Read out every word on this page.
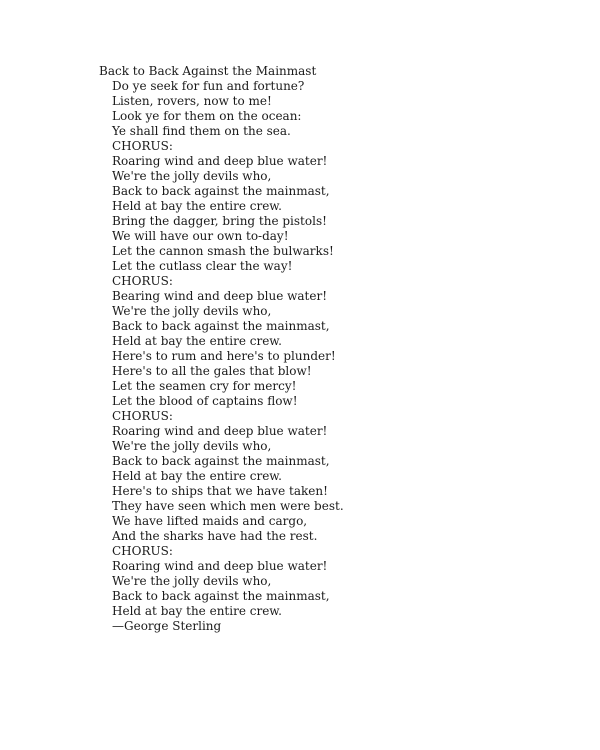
Back to Back Against the Mainmast
Do ye seek for fun and fortune?
Listen, rovers, now to me!
Look ye for them on the ocean:
Ye shall find them on the sea.
CHORUS:
Roaring wind and deep blue water!
We're the jolly devils who,
Back to back against the mainmast,
Held at bay the entire crew.
Bring the dagger, bring the pistols!
We will have our own to-day!
Let the cannon smash the bulwarks!
Let the cutlass clear the way!
CHORUS:
Bearing wind and deep blue water!
We're the jolly devils who,
Back to back against the mainmast,
Held at bay the entire crew.
Here's to rum and here's to plunder!
Here's to all the gales that blow!
Let the seamen cry for mercy!
Let the blood of captains flow!
CHORUS:
Roaring wind and deep blue water!
We're the jolly devils who,
Back to back against the mainmast,
Held at bay the entire crew.
Here's to ships that we have taken!
They have seen which men were best.
We have lifted maids and cargo,
And the sharks have had the rest.
CHORUS:
Roaring wind and deep blue water!
We're the jolly devils who,
Back to back against the mainmast,
Held at bay the entire crew.
—George Sterling
